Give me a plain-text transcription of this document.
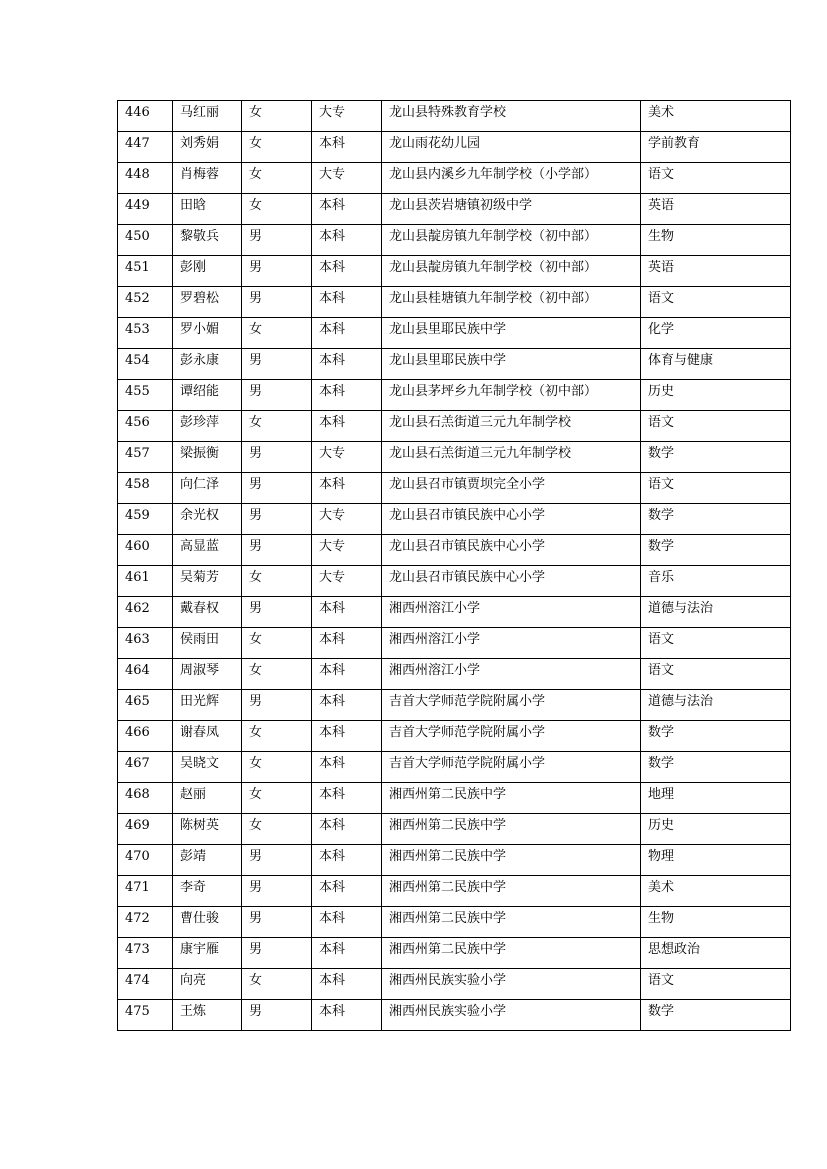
446	马红丽	女	大专	龙山县特殊教育学校	美术
447	刘秀娟	女	本科	龙山雨花幼儿园	学前教育
448	肖梅蓉	女	大专	龙山县内溪乡九年制学校（小学部）	语文
449	田晗	女	本科	龙山县茨岩塘镇初级中学	英语
450	黎敬兵	男	本科	龙山县靛房镇九年制学校（初中部）	生物
451	彭刚	男	本科	龙山县靛房镇九年制学校（初中部）	英语
452	罗碧松	男	本科	龙山县桂塘镇九年制学校（初中部）	语文
453	罗小媚	女	本科	龙山县里耶民族中学	化学
454	彭永康	男	本科	龙山县里耶民族中学	体育与健康
455	谭绍能	男	本科	龙山县茅坪乡九年制学校（初中部）	历史
456	彭珍萍	女	本科	龙山县石羔街道三元九年制学校	语文
457	梁振衡	男	大专	龙山县石羔街道三元九年制学校	数学
458	向仁泽	男	本科	龙山县召市镇贾坝完全小学	语文
459	余光权	男	大专	龙山县召市镇民族中心小学	数学
460	高显蓝	男	大专	龙山县召市镇民族中心小学	数学
461	吴菊芳	女	大专	龙山县召市镇民族中心小学	音乐
462	戴春权	男	本科	湘西州溶江小学	道德与法治
463	侯雨田	女	本科	湘西州溶江小学	语文
464	周淑琴	女	本科	湘西州溶江小学	语文
465	田光辉	男	本科	吉首大学师范学院附属小学	道德与法治
466	谢春凤	女	本科	吉首大学师范学院附属小学	数学
467	吴晓文	女	本科	吉首大学师范学院附属小学	数学
468	赵丽	女	本科	湘西州第二民族中学	地理
469	陈树英	女	本科	湘西州第二民族中学	历史
470	彭靖	男	本科	湘西州第二民族中学	物理
471	李奇	男	本科	湘西州第二民族中学	美术
472	曹仕骏	男	本科	湘西州第二民族中学	生物
473	康宇雁	男	本科	湘西州第二民族中学	思想政治
474	向亮	女	本科	湘西州民族实验小学	语文
475	王炼	男	本科	湘西州民族实验小学	数学
